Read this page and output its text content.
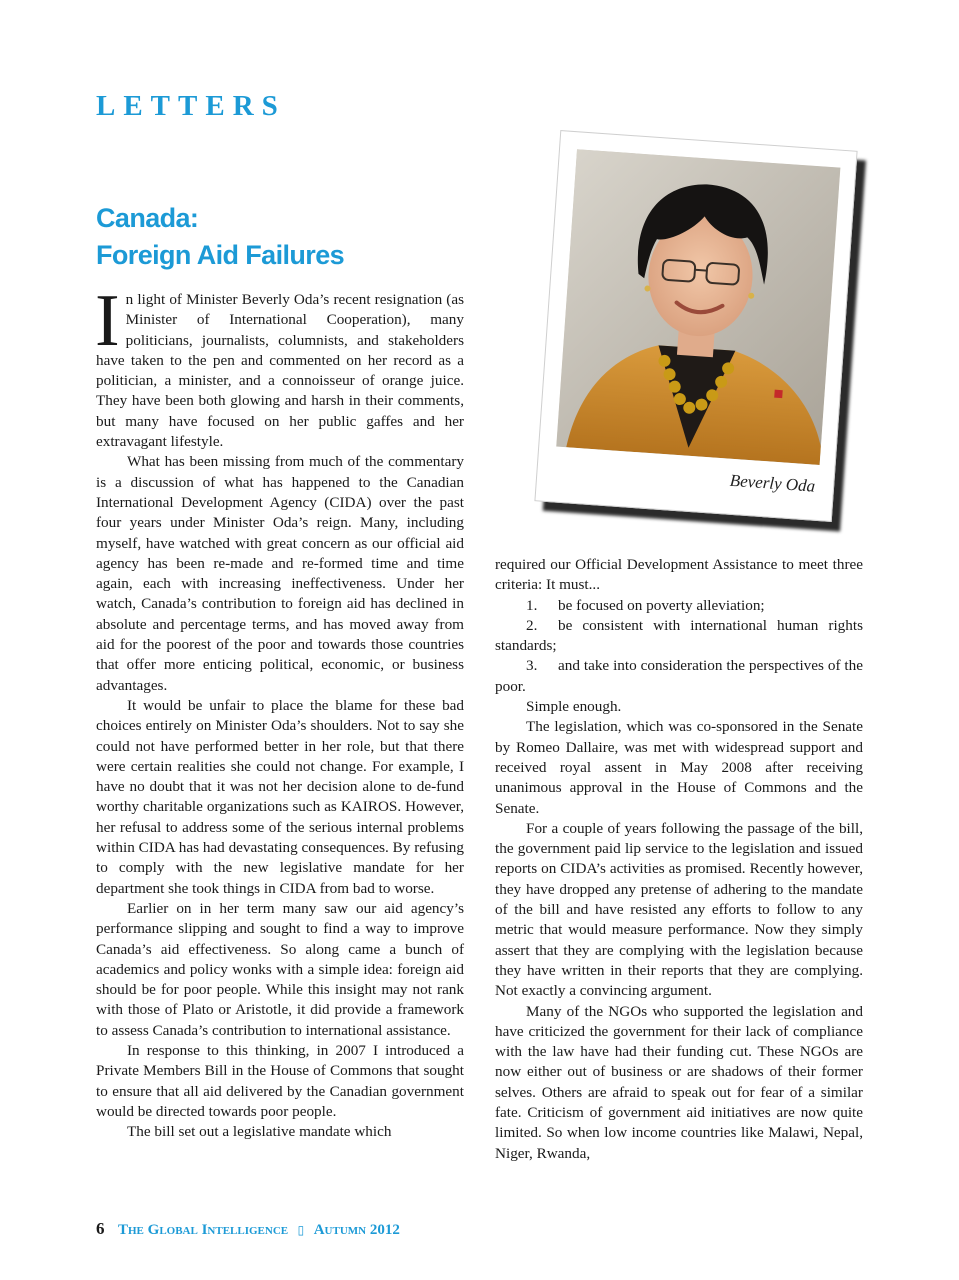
LETTERS
Canada:
Foreign Aid Failures

In light of Minister Beverly Oda’s recent resignation (as Minister of International Cooperation), many politicians, journalists, columnists, and stakeholders have taken to the pen and commented on her record as a politician, a minister, and a connoisseur of orange juice. They have been both glowing and harsh in their comments, but many have focused on her public gaffes and her extravagant lifestyle.

What has been missing from much of the commentary is a discussion of what has happened to the Canadian International Development Agency (CIDA) over the past four years under Minister Oda’s reign. Many, including myself, have watched with great concern as our official aid agency has been re-made and re-formed time and time again, each with increasing ineffectiveness. Under her watch, Canada’s contribution to foreign aid has declined in absolute and percentage terms, and has moved away from aid for the poorest of the poor and towards those countries that offer more enticing political, economic, or business advantages.

It would be unfair to place the blame for these bad choices entirely on Minister Oda’s shoulders. Not to say she could not have performed better in her role, but that there were certain realities she could not change. For example, I have no doubt that it was not her decision alone to de-fund worthy charitable organizations such as KAIROS. However, her refusal to address some of the serious internal problems within CIDA has had devastating consequences. By refusing to comply with the new legislative mandate for her department she took things in CIDA from bad to worse.

Earlier on in her term many saw our aid agency’s performance slipping and sought to find a way to improve Canada’s aid effectiveness. So along came a bunch of academics and policy wonks with a simple idea: foreign aid should be for poor people. While this insight may not rank with those of Plato or Aristotle, it did provide a framework to assess Canada’s contribution to international assistance.

In response to this thinking, in 2007 I introduced a Private Members Bill in the House of Commons that sought to ensure that all aid delivered by the Canadian government would be directed towards poor people.

The bill set out a legislative mandate which

Beverly Oda

required our Official Development Assistance to meet three criteria: It must...

1. be focused on poverty alleviation;

2. be consistent with international human rights standards;

3. and take into consideration the perspectives of the poor.

Simple enough.

The legislation, which was co-sponsored in the Senate by Romeo Dallaire, was met with widespread support and received royal assent in May 2008 after receiving unanimous approval in the House of Commons and the Senate.

For a couple of years following the passage of the bill, the government paid lip service to the legislation and issued reports on CIDA’s activities as promised. Recently however, they have dropped any pretense of adhering to the mandate of the bill and have resisted any efforts to follow to any metric that would measure performance. Now they simply assert that they are complying with the legislation because they have written in their reports that they are complying. Not exactly a convincing argument.

Many of the NGOs who supported the legislation and have criticized the government for their lack of compliance with the law have had their funding cut. These NGOs are now either out of business or are shadows of their former selves. Others are afraid to speak out for fear of a similar fate. Criticism of government aid initiatives are now quite limited. So when low income countries like Malawi, Nepal, Niger, Rwanda,

6 The Global Intelligence ▯ Autumn 2012
